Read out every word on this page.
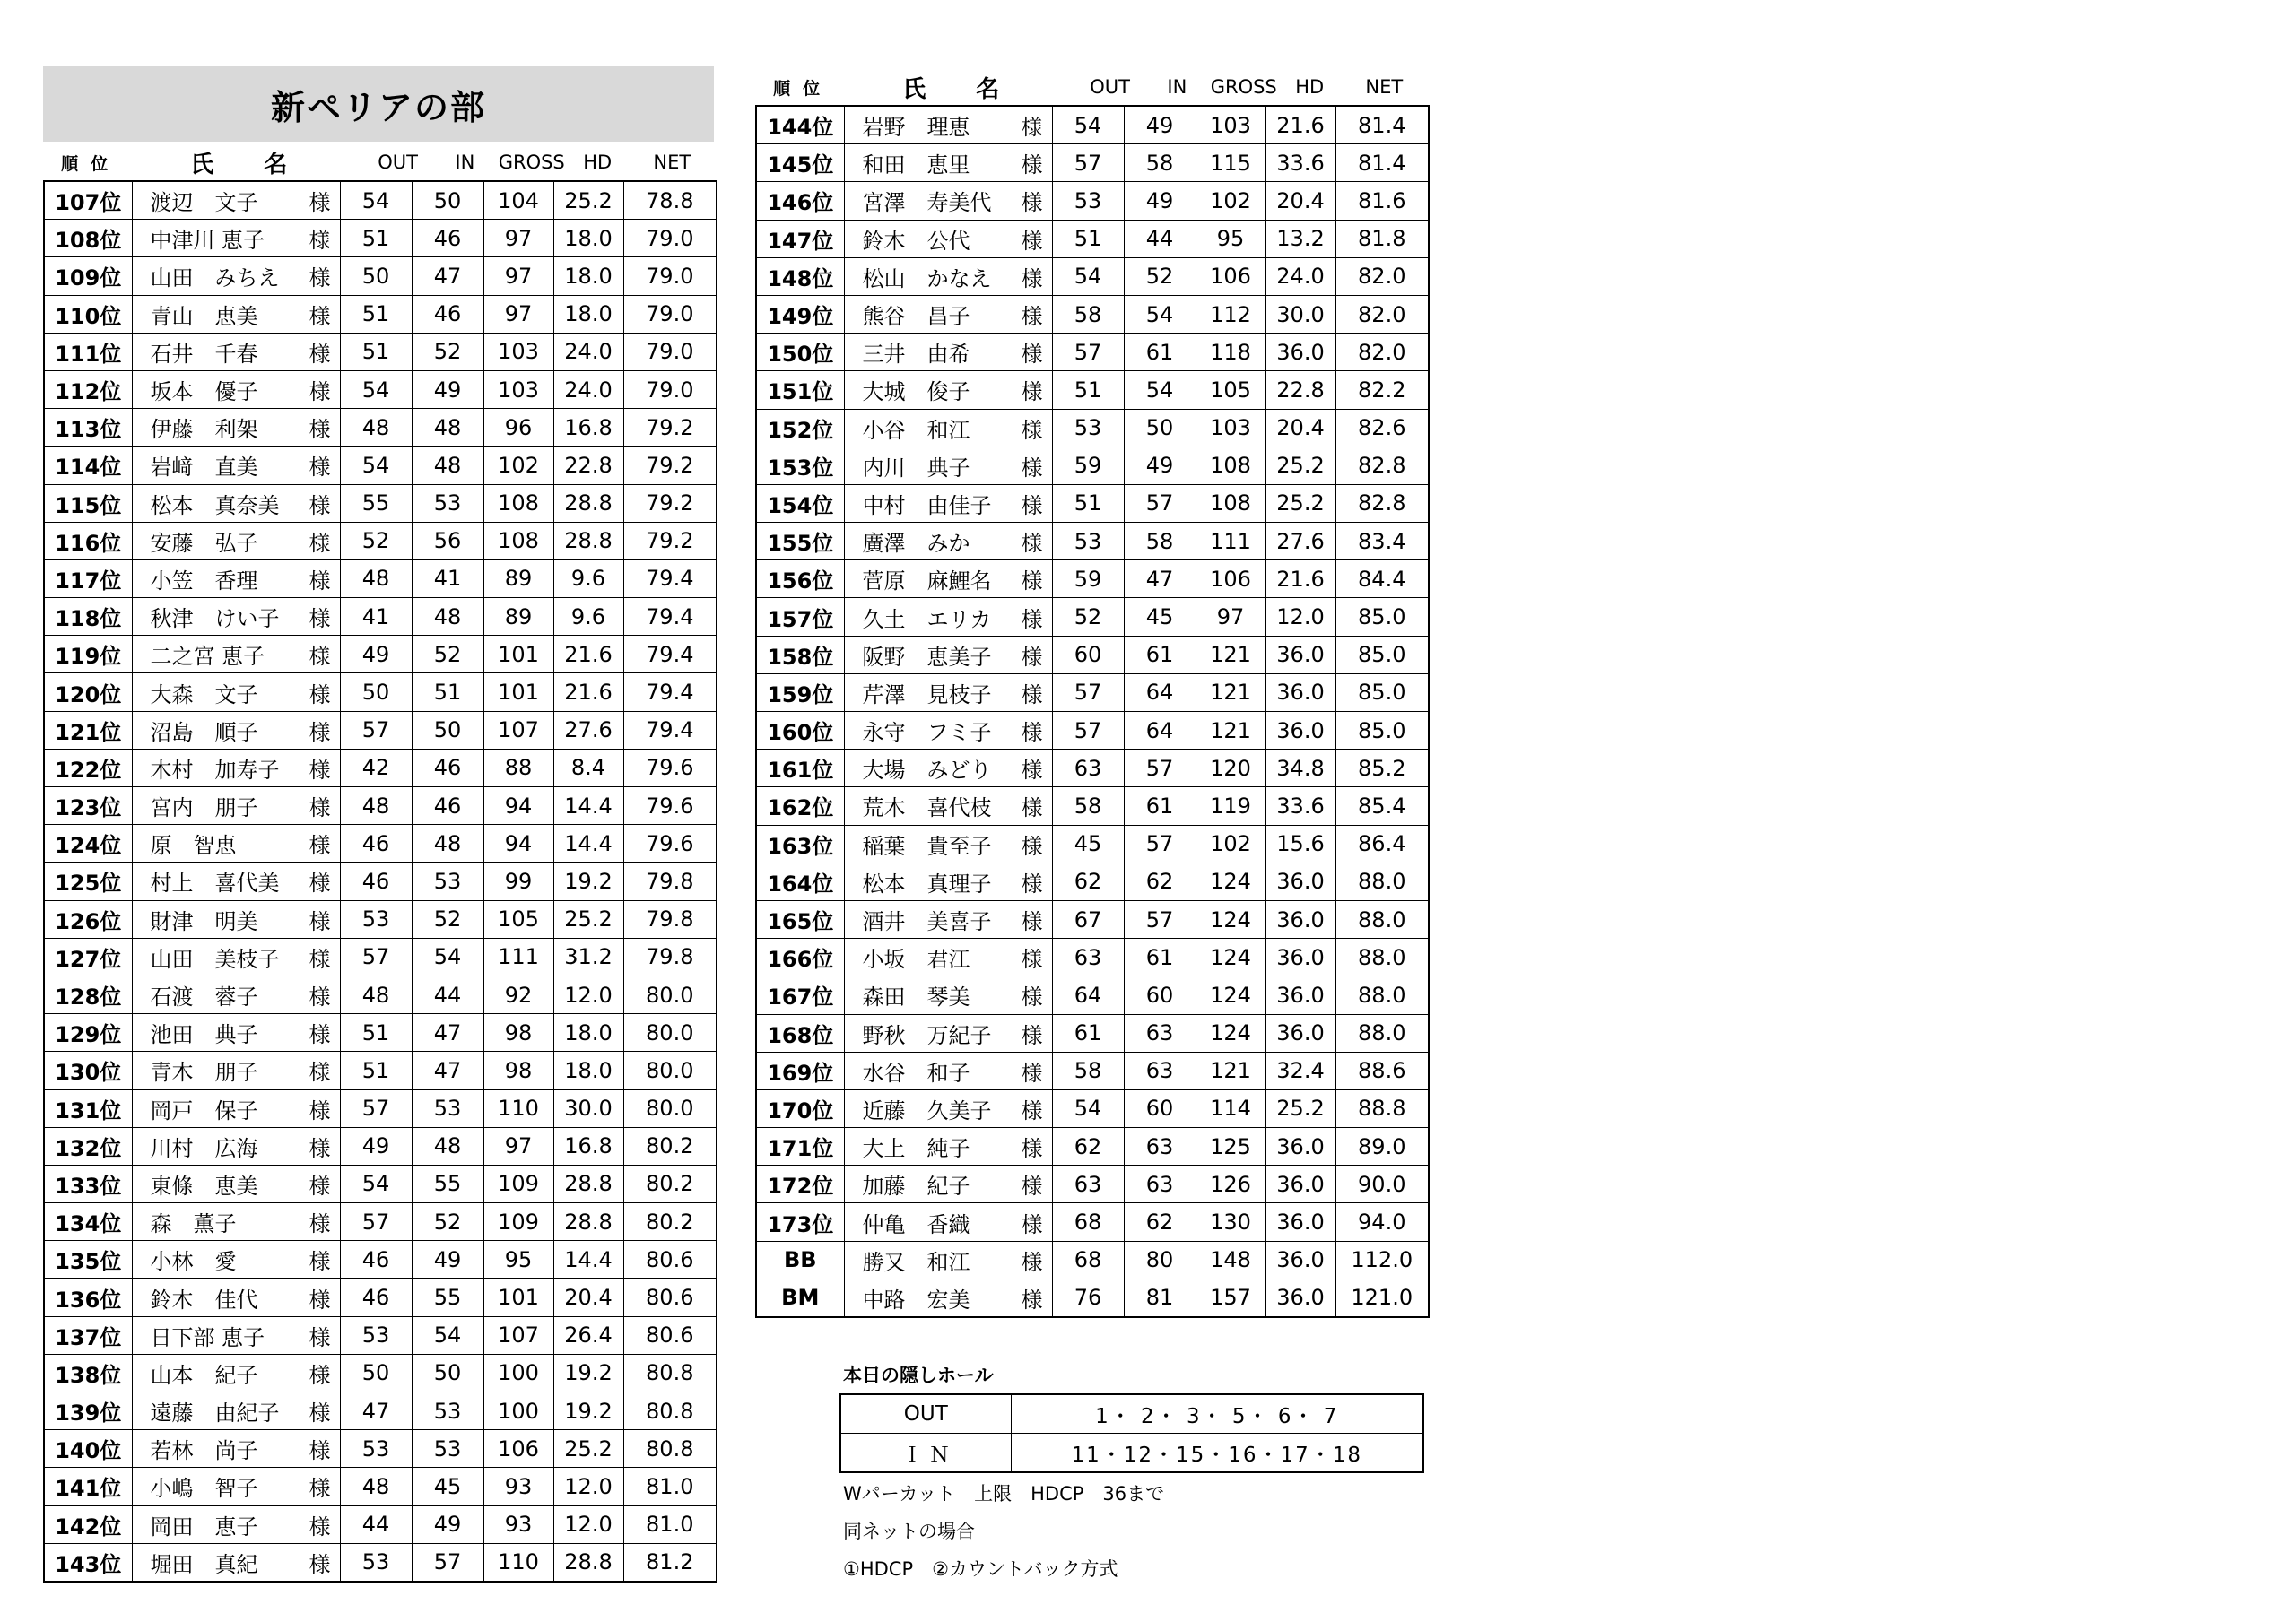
新ペリアの部
順位	氏名	OUT	IN	GROSS HD	NET
107位	渡辺　文子	様	54	50	104	25.2	78.8
108位	中津川 恵子	様	51	46	97	18.0	79.0
109位	山田　みちえ	様	50	47	97	18.0	79.0
110位	青山　恵美	様	51	46	97	18.0	79.0
111位	石井　千春	様	51	52	103	24.0	79.0
112位	坂本　優子	様	54	49	103	24.0	79.0
113位	伊藤　利架	様	48	48	96	16.8	79.2
114位	岩﨑　直美	様	54	48	102	22.8	79.2
115位	松本　真奈美	様	55	53	108	28.8	79.2
116位	安藤　弘子	様	52	56	108	28.8	79.2
117位	小笠　香理	様	48	41	89	9.6	79.4
118位	秋津　けい子	様	41	48	89	9.6	79.4
119位	二之宮 恵子	様	49	52	101	21.6	79.4
120位	大森　文子	様	50	51	101	21.6	79.4
121位	沼島　順子	様	57	50	107	27.6	79.4
122位	木村　加寿子	様	42	46	88	8.4	79.6
123位	宮内　朋子	様	48	46	94	14.4	79.6
124位	原　智恵	様	46	48	94	14.4	79.6
125位	村上　喜代美	様	46	53	99	19.2	79.8
126位	財津　明美	様	53	52	105	25.2	79.8
127位	山田　美枝子	様	57	54	111	31.2	79.8
128位	石渡　蓉子	様	48	44	92	12.0	80.0
129位	池田　典子	様	51	47	98	18.0	80.0
130位	青木　朋子	様	51	47	98	18.0	80.0
131位	岡戸　保子	様	57	53	110	30.0	80.0
132位	川村　広海	様	49	48	97	16.8	80.2
133位	東條　恵美	様	54	55	109	28.8	80.2
134位	森　薫子	様	57	52	109	28.8	80.2
135位	小林　愛	様	46	49	95	14.4	80.6
136位	鈴木　佳代	様	46	55	101	20.4	80.6
137位	日下部 恵子	様	53	54	107	26.4	80.6
138位	山本　紀子	様	50	50	100	19.2	80.8
139位	遠藤　由紀子	様	47	53	100	19.2	80.8
140位	若林　尚子	様	53	53	106	25.2	80.8
141位	小嶋　智子	様	48	45	93	12.0	81.0
142位	岡田　恵子	様	44	49	93	12.0	81.0
143位	堀田　真紀	様	53	57	110	28.8	81.2
順位	氏名	OUT	IN	GROSS HD	NET
144位	岩野　理恵	様	54	49	103	21.6	81.4
145位	和田　恵里	様	57	58	115	33.6	81.4
146位	宮澤　寿美代	様	53	49	102	20.4	81.6
147位	鈴木　公代	様	51	44	95	13.2	81.8
148位	松山　かなえ	様	54	52	106	24.0	82.0
149位	熊谷　昌子	様	58	54	112	30.0	82.0
150位	三井　由希	様	57	61	118	36.0	82.0
151位	大城　俊子	様	51	54	105	22.8	82.2
152位	小谷　和江	様	53	50	103	20.4	82.6
153位	内川　典子	様	59	49	108	25.2	82.8
154位	中村　由佳子	様	51	57	108	25.2	82.8
155位	廣澤　みか	様	53	58	111	27.6	83.4
156位	菅原　麻鯉名	様	59	47	106	21.6	84.4
157位	久土　エリカ	様	52	45	97	12.0	85.0
158位	阪野　恵美子	様	60	61	121	36.0	85.0
159位	芹澤　見枝子	様	57	64	121	36.0	85.0
160位	永守　フミ子	様	57	64	121	36.0	85.0
161位	大場　みどり	様	63	57	120	34.8	85.2
162位	荒木　喜代枝	様	58	61	119	33.6	85.4
163位	稲葉　貴至子	様	45	57	102	15.6	86.4
164位	松本　真理子	様	62	62	124	36.0	88.0
165位	酒井　美喜子	様	67	57	124	36.0	88.0
166位	小坂　君江	様	63	61	124	36.0	88.0
167位	森田　琴美	様	64	60	124	36.0	88.0
168位	野秋　万紀子	様	61	63	124	36.0	88.0
169位	水谷　和子	様	58	63	121	32.4	88.6
170位	近藤　久美子	様	54	60	114	25.2	88.8
171位	大上　純子	様	62	63	125	36.0	89.0
172位	加藤　紀子	様	63	63	126	36.0	90.0
173位	仲亀　香織	様	68	62	130	36.0	94.0
BB	勝又　和江	様	68	80	148	36.0	112.0
BM	中路　宏美	様	76	81	157	36.0	121.0
本日の隠しホール
OUT	1・ 2・ 3・ 5・ 6・ 7
Ｉ Ｎ	11・12・15・16・17・18
Wパーカット　上限　HDCP　36まで
同ネットの場合
①HDCP　②カウントバック方式
